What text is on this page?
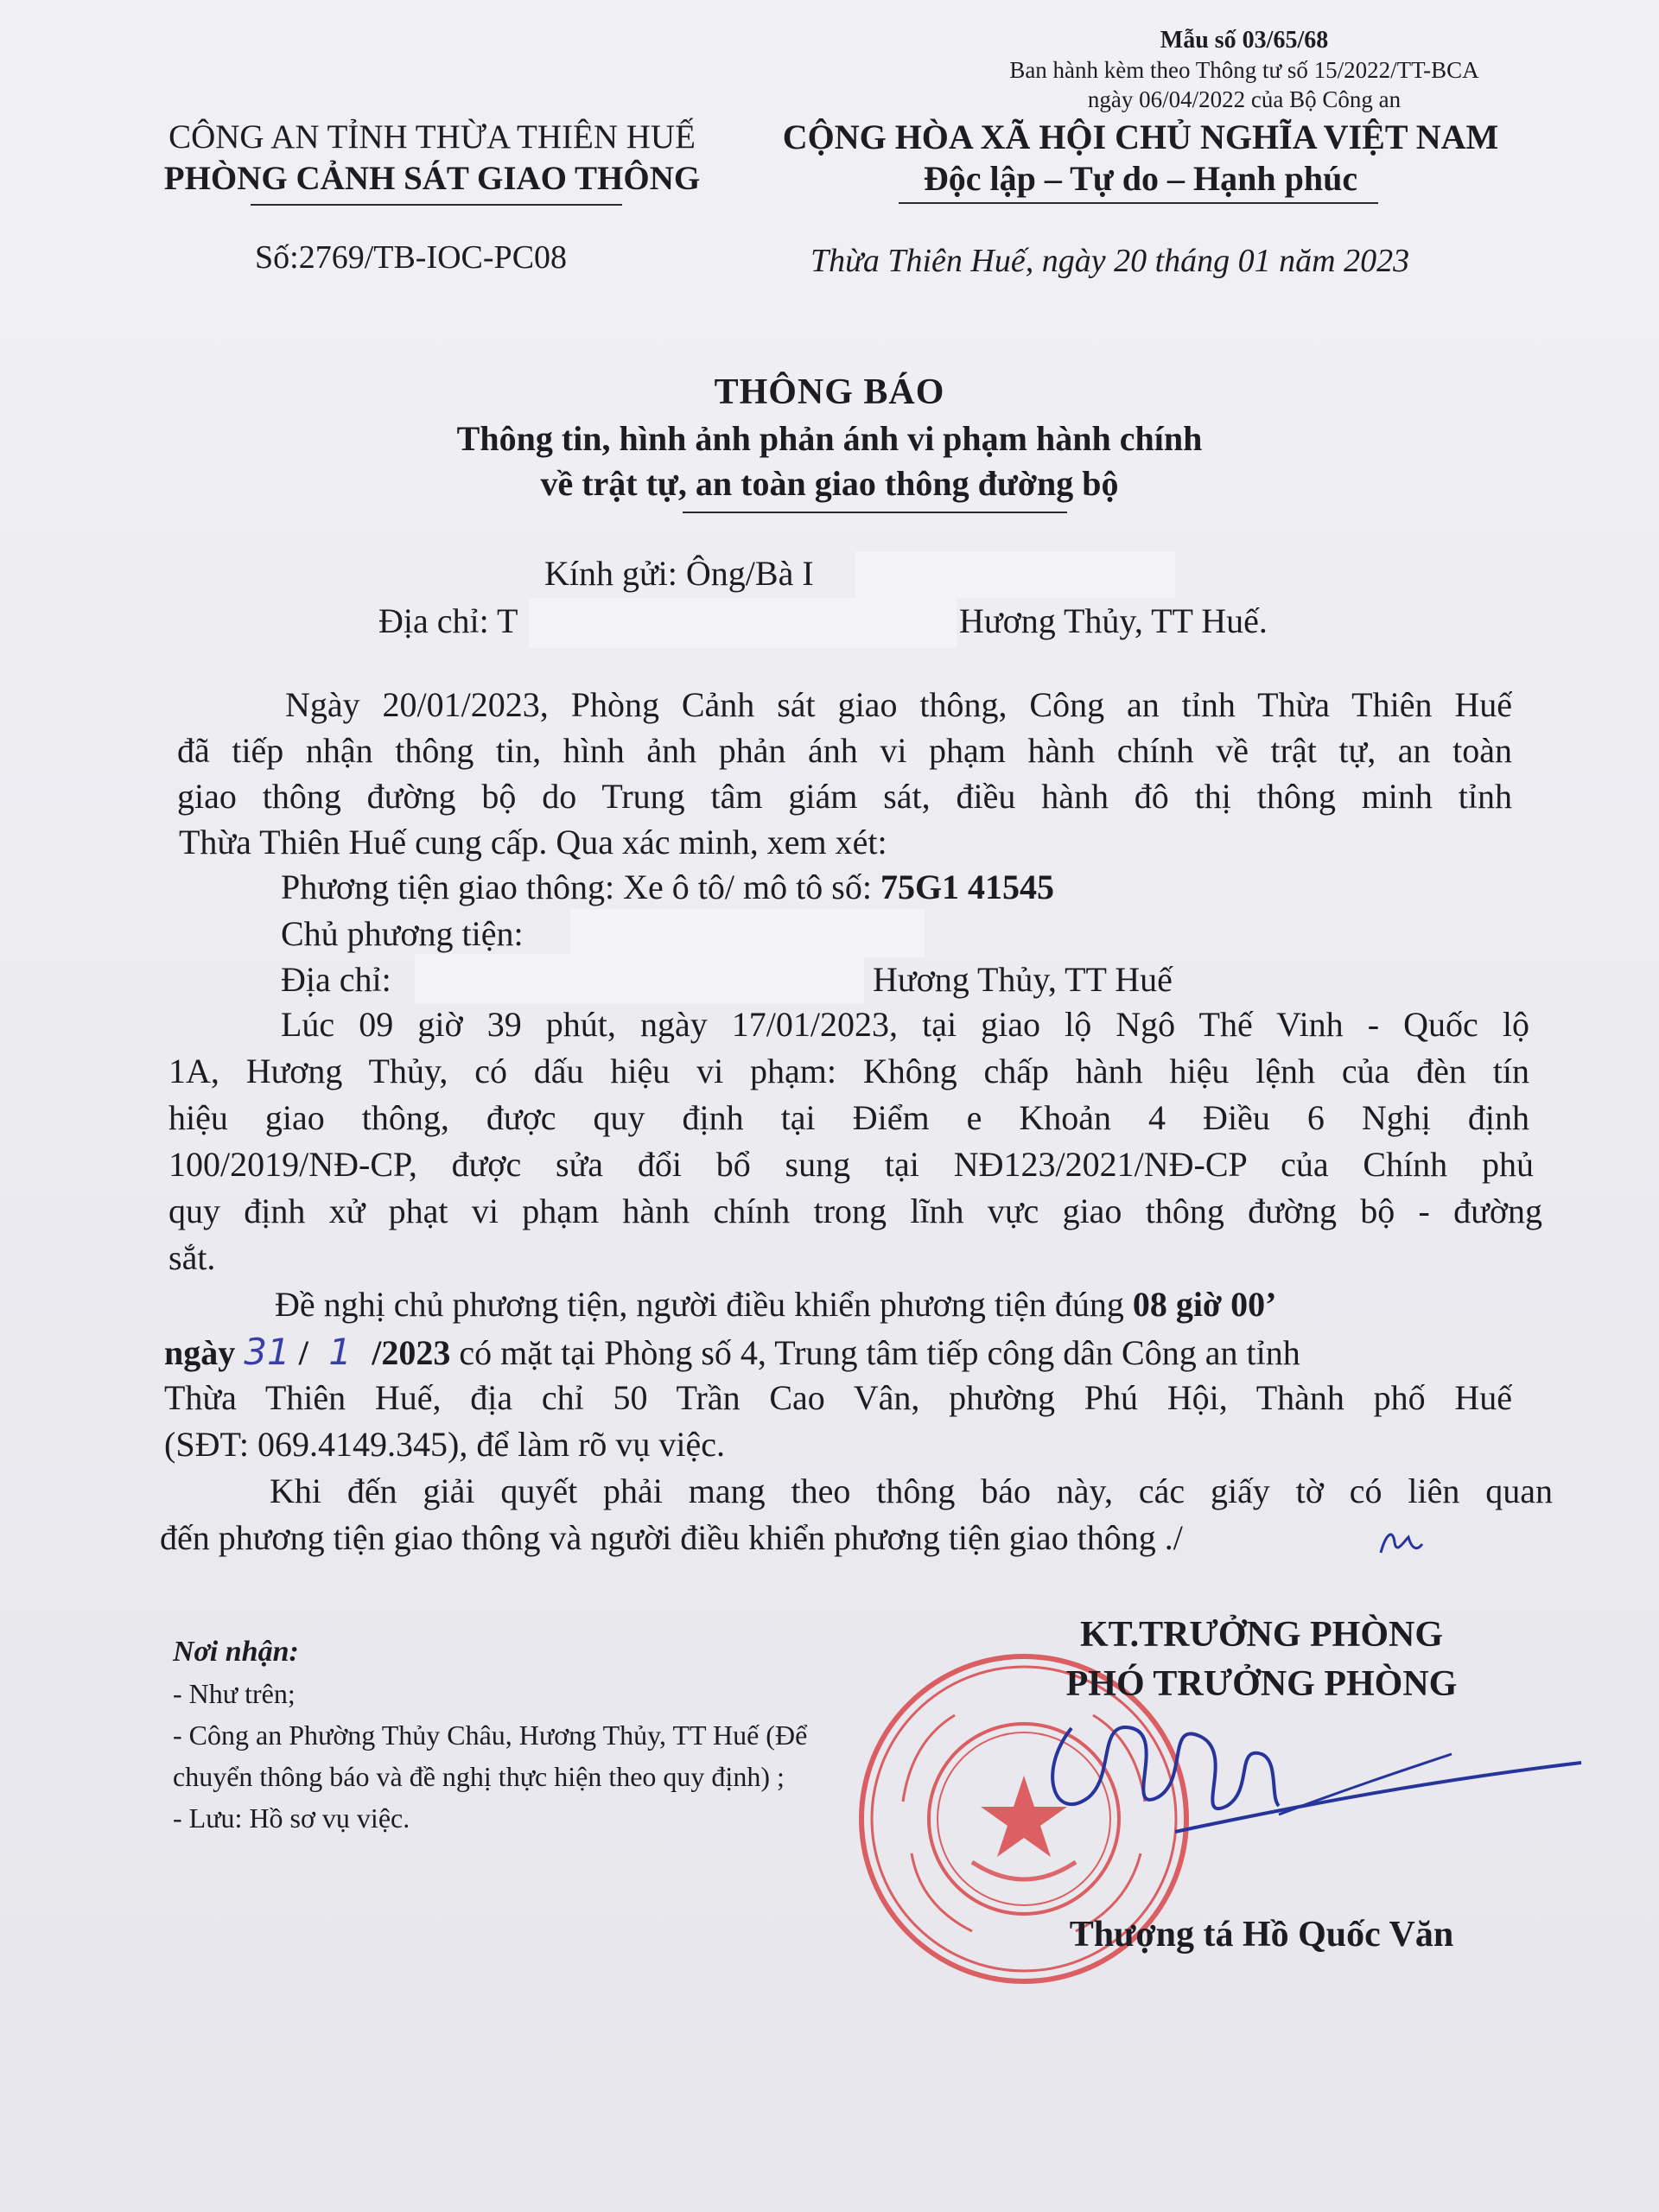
Mẫu số 03/65/68
Ban hành kèm theo Thông tư số 15/2022/TT-BCA
ngày 06/04/2022 của Bộ Công an
CÔNG AN TỈNH THỪA THIÊN HUẾ
PHÒNG CẢNH SÁT GIAO THÔNG
CỘNG HÒA XÃ HỘI CHỦ NGHĨA VIỆT NAM
Độc lập – Tự do – Hạnh phúc
Số:2769/TB-IOC-PC08	Thừa Thiên Huế, ngày 20 tháng 01 năm 2023
THÔNG BÁO
Thông tin, hình ảnh phản ánh vi phạm hành chính
về trật tự, an toàn giao thông đường bộ
Kính gửi: Ông/Bà I
Địa chỉ: T	Hương Thủy, TT Huế.
Ngày 20/01/2023, Phòng Cảnh sát giao thông, Công an tỉnh Thừa Thiên Huế
đã tiếp nhận thông tin, hình ảnh phản ánh vi phạm hành chính về trật tự, an toàn
giao thông đường bộ do Trung tâm giám sát, điều hành đô thị thông minh tỉnh
Thừa Thiên Huế cung cấp. Qua xác minh, xem xét:
Phương tiện giao thông: Xe ô tô/ mô tô số: 75G1 41545
Chủ phương tiện:
Địa chỉ:	Hương Thủy, TT Huế
Lúc 09 giờ 39 phút, ngày 17/01/2023, tại giao lộ Ngô Thế Vinh - Quốc lộ
1A, Hương Thủy, có dấu hiệu vi phạm: Không chấp hành hiệu lệnh của đèn tín
hiệu giao thông, được quy định tại Điểm e Khoản 4 Điều 6 Nghị định
100/2019/NĐ-CP, được sửa đổi bổ sung tại NĐ123/2021/NĐ-CP của Chính phủ
quy định xử phạt vi phạm hành chính trong lĩnh vực giao thông đường bộ - đường
sắt.
Đề nghị chủ phương tiện, người điều khiển phương tiện đúng 08 giờ 00’
ngày 31 / 1 /2023 có mặt tại Phòng số 4, Trung tâm tiếp công dân Công an tỉnh
Thừa Thiên Huế, địa chỉ 50 Trần Cao Vân, phường Phú Hội, Thành phố Huế
(SĐT: 069.4149.345), để làm rõ vụ việc.
Khi đến giải quyết phải mang theo thông báo này, các giấy tờ có liên quan
đến phương tiện giao thông và người điều khiển phương tiện giao thông ./
Nơi nhận:
- Như trên;
- Công an Phường Thủy Châu, Hương Thủy, TT Huế (Để chuyển thông báo và đề nghị thực hiện theo quy định) ;
- Lưu: Hồ sơ vụ việc.
KT.TRƯỞNG PHÒNG
PHÓ TRƯỞNG PHÒNG
Thượng tá Hồ Quốc Văn
